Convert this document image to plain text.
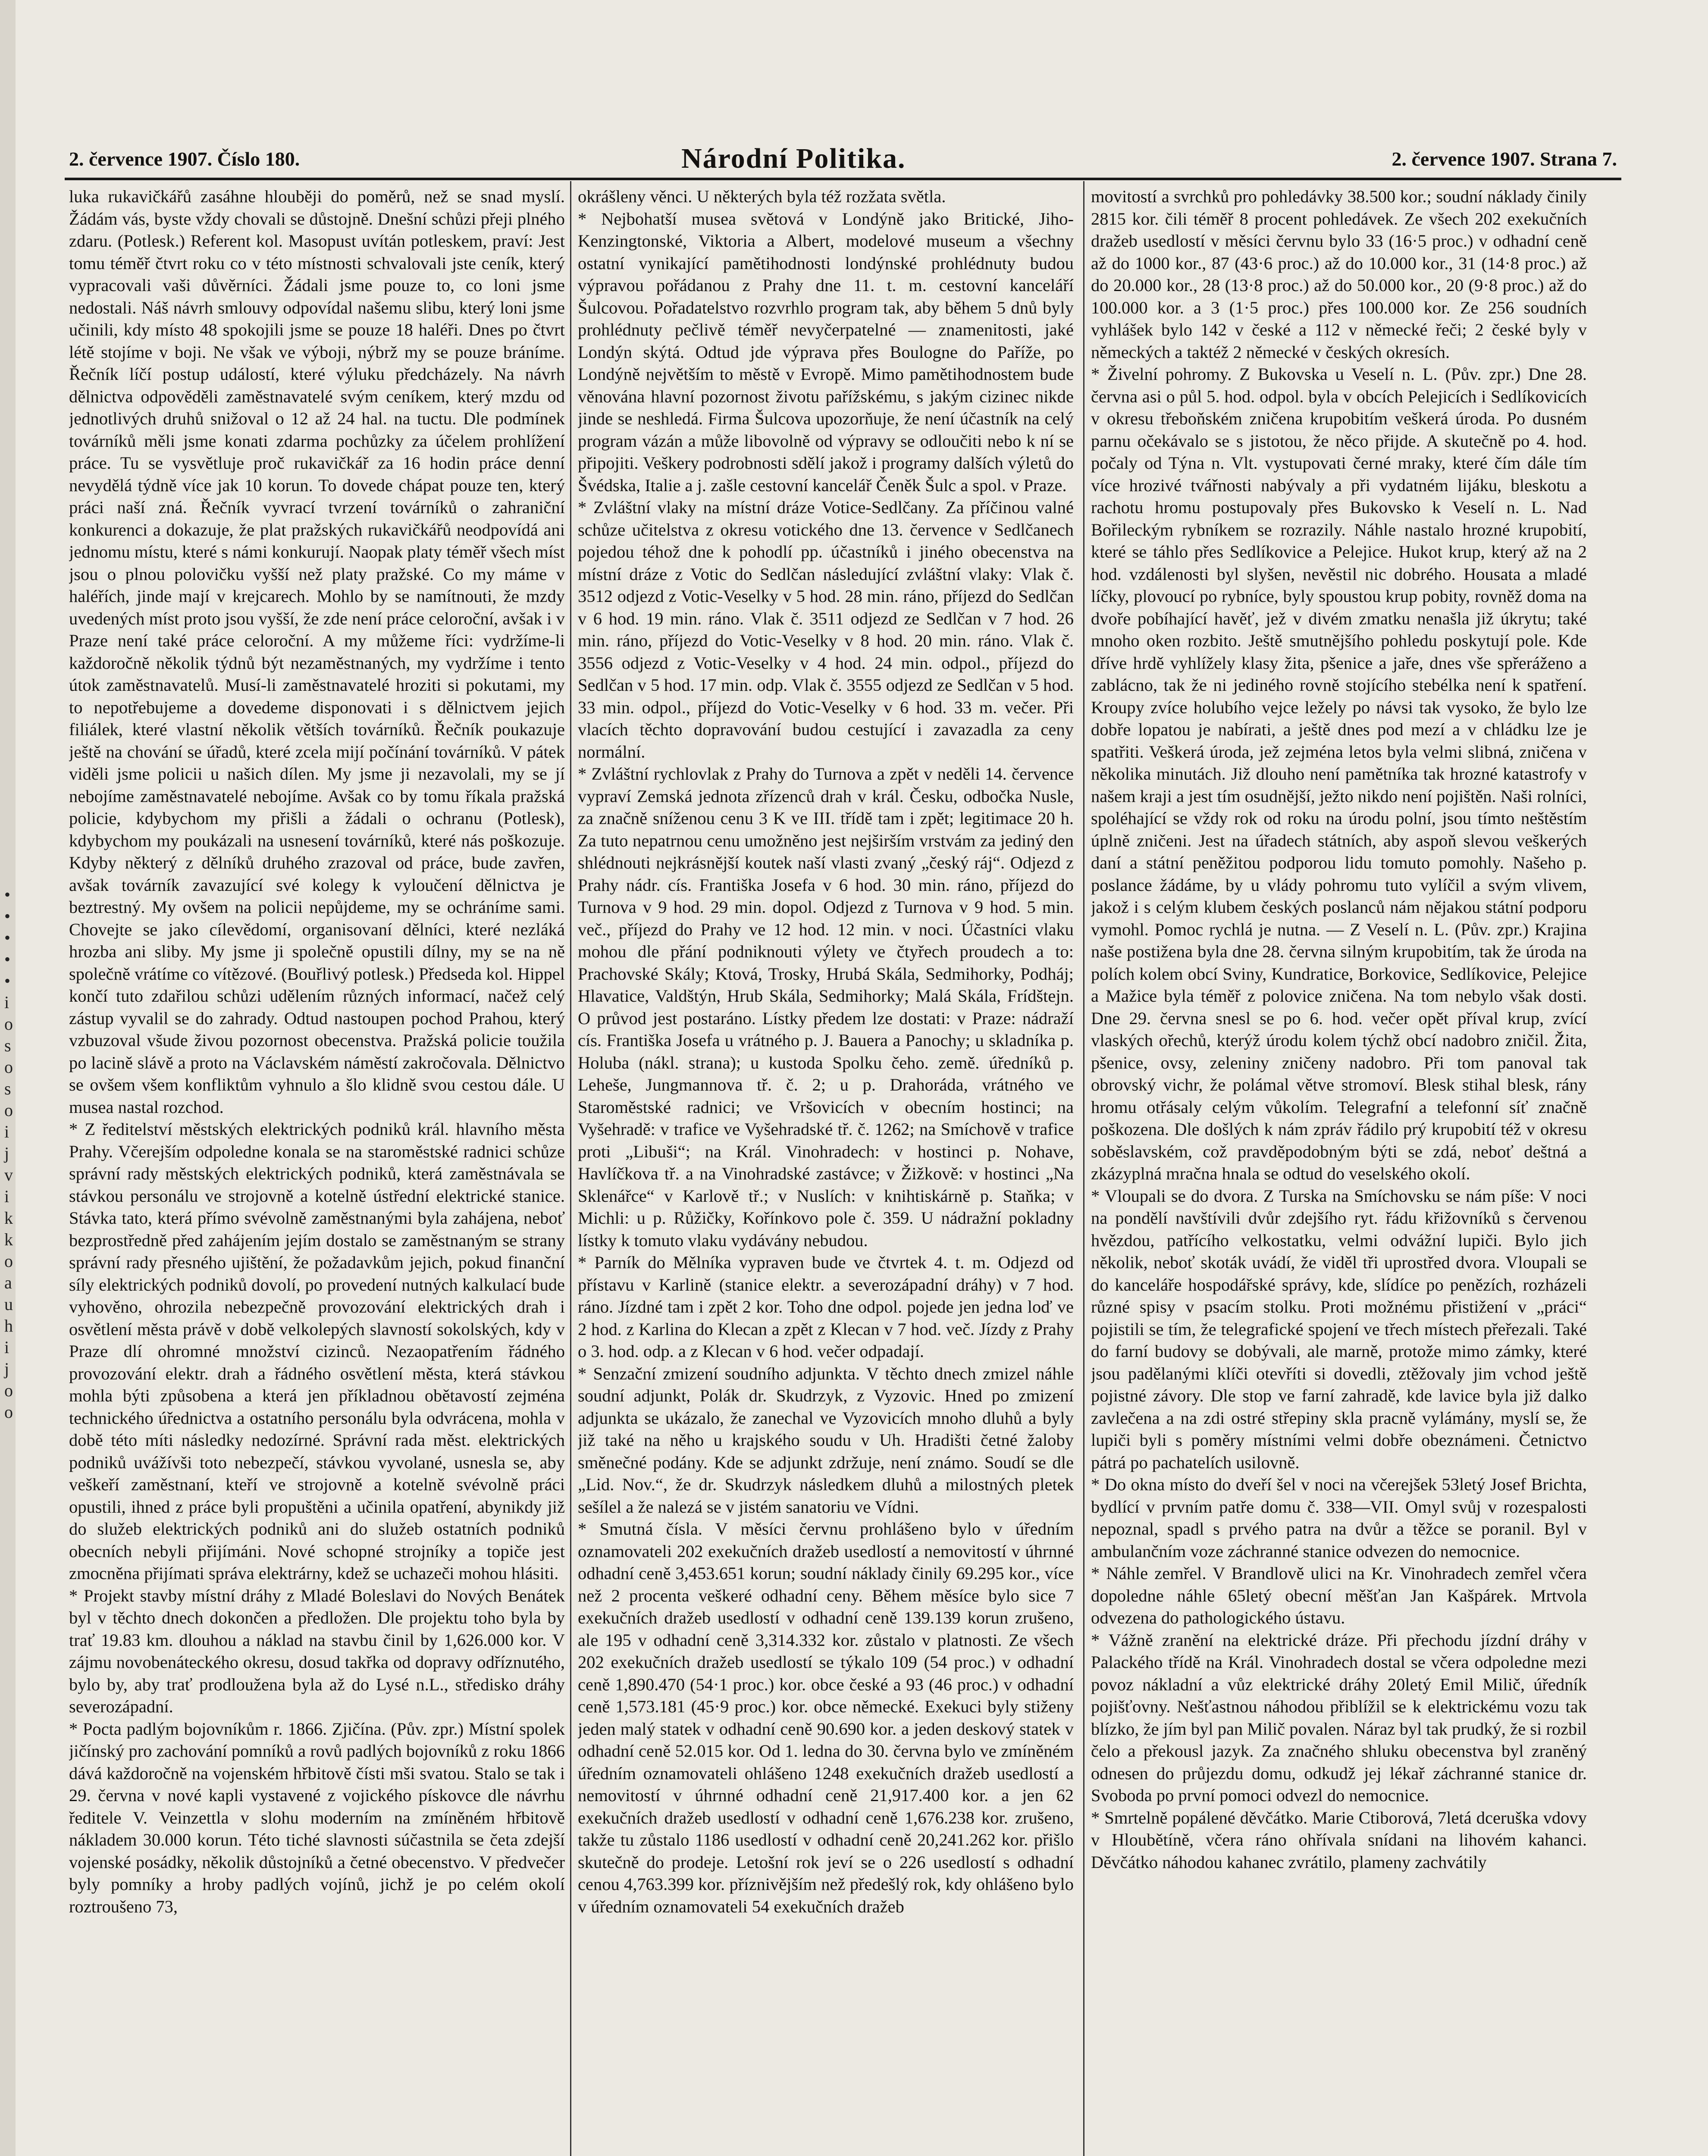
• • • • • i o s o s o i j v i k k o a u h i j o o
2. července 1907. Číslo 180.	Národní Politika.	2. července 1907. Strana 7.

luka rukavičkářů zasáhne hlouběji do poměrů, než se snad myslí. Žádám vás, byste vždy chovali se důstojně. Dnešní schůzi přeji plného zdaru. (Potlesk.) Referent kol. Masopust uvítán potleskem, praví: Jest tomu téměř čtvrt roku co v této místnosti schvalovali jste ceník, který vypracovali vaši důvěrníci. Žádali jsme pouze to, co loni jsme nedostali. Náš návrh smlouvy odpovídal našemu slibu, který loni jsme učinili, kdy místo 48 spokojili jsme se pouze 18 haléři. Dnes po čtvrt létě stojíme v boji. Ne však ve výboji, nýbrž my se pouze bráníme. Řečník líčí postup událostí, které výluku předcházely. Na návrh dělnictva odpověděli zaměstnavatelé svým ceníkem, který mzdu od jednotlivých druhů snižoval o 12 až 24 hal. na tuctu. Dle podmínek továrníků měli jsme konati zdarma pochůzky za účelem prohlížení práce. Tu se vysvětluje proč rukavičkář za 16 hodin práce denní nevydělá týdně více jak 10 korun. To dovede chápat pouze ten, který práci naší zná. Řečník vyvrací tvrzení továrníků o zahraniční konkurenci a dokazuje, že plat pražských rukavičkářů neodpovídá ani jednomu místu, které s námi konkurují. Naopak platy téměř všech míst jsou o plnou polovičku vyšší než platy pražské. Co my máme v haléřích, jinde mají v krejcarech. Mohlo by se namítnouti, že mzdy uvedených míst proto jsou vyšší, že zde není práce celoroční, avšak i v Praze není také práce celoroční. A my můžeme říci: vydržíme-li každoročně několik týdnů být nezaměstnaných, my vydržíme i tento útok zaměstnavatelů. Musí-li zaměstnavatelé hroziti si pokutami, my to nepotřebujeme a dovedeme disponovati i s dělnictvem jejich filiálek, které vlastní několik větších továrníků. Řečník poukazuje ještě na chování se úřadů, které zcela mijí počínání továrníků. V pátek viděli jsme policii u našich dílen. My jsme ji nezavolali, my se jí nebojíme zaměstnavatelé nebojíme. Avšak co by tomu říkala pražská policie, kdybychom my přišli a žádali o ochranu (Potlesk), kdybychom my poukázali na usnesení továrníků, které nás poškozuje. Kdyby některý z dělníků druhého zrazoval od práce, bude zavřen, avšak továrník zavazující své kolegy k vyloučení dělnictva je beztrestný. My ovšem na policii nepůjdeme, my se ochráníme sami. Chovejte se jako cílevědomí, organisovaní dělníci, které nezláká hrozba ani sliby. My jsme ji společně opustili dílny, my se na ně společně vrátíme co vítězové. (Bouřlivý potlesk.) Předseda kol. Hippel končí tuto zdařilou schůzi udělením různých informací, načež celý zástup vyvalil se do zahrady. Odtud nastoupen pochod Prahou, který vzbuzoval všude živou pozornost obecenstva. Pražská policie toužila po lacině slávě a proto na Václavském náměstí zakročovala. Dělnictvo se ovšem všem konfliktům vyhnulo a šlo klidně svou cestou dále. U musea nastal rozchod.

* Z ředitelství městských elektrických podniků král. hlavního města Prahy. Včerejším odpoledne konala se na staroměstské radnici schůze správní rady městských elektrických podniků, která zaměstnávala se stávkou personálu ve strojovně a kotelně ústřední elektrické stanice. Stávka tato, která přímo svévolně zaměstnanými byla zahájena, neboť bezprostředně před zahájením jejím dostalo se zaměstnaným se strany správní rady přesného ujištění, že požadavkům jejich, pokud finanční síly elektrických podniků dovolí, po provedení nutných kalkulací bude vyhověno, ohrozila nebezpečně provozování elektrických drah i osvětlení města právě v době velkolepých slavností sokolských, kdy v Praze dlí ohromné množství cizinců. Nezaopatřením řádného provozování elektr. drah a řádného osvětlení města, která stávkou mohla býti způsobena a která jen příkladnou obětavostí zejména technického úřednictva a ostatního personálu byla odvrácena, mohla v době této míti následky nedozírné. Správní rada měst. elektrických podniků uvážívši toto nebezpečí, stávkou vyvolané, usnesla se, aby veškeří zaměstnaní, kteří ve strojovně a kotelně svévolně práci opustili, ihned z práce byli propuštěni a učinila opatření, abynikdy již do služeb elektrických podniků ani do služeb ostatních podniků obecních nebyli přijímáni. Nové schopné strojníky a topiče jest zmocněna přijímati správa elektrárny, kdež se uchazeči mohou hlásiti.

* Projekt stavby místní dráhy z Mladé Boleslavi do Nových Benátek byl v těchto dnech dokončen a předložen. Dle projektu toho byla by trať 19.83 km. dlouhou a náklad na stavbu činil by 1,626.000 kor. V zájmu novobenáteckého okresu, dosud takřka od dopravy odříznutého, bylo by, aby trať prodloužena byla až do Lysé n.L., středisko dráhy severozápadní.

* Pocta padlým bojovníkům r. 1866. Zjičína. (Pův. zpr.) Místní spolek jičínský pro zachování pomníků a rovů padlých bojovníků z roku 1866 dává každoročně na vojenském hřbitově čísti mši svatou. Stalo se tak i 29. června v nové kapli vystavené z vojického pískovce dle návrhu ředitele V. Veinzettla v slohu moderním na zmíněném hřbitově nákladem 30.000 korun. Této tiché slavnosti súčastnila se četa zdejší vojenské posádky, několik důstojníků a četné obecenstvo. V předvečer byly pomníky a hroby padlých vojínů, jichž je po celém okolí roztroušeno 73,

okrášleny věnci. U některých byla též rozžata světla.

* Nejbohatší musea světová v Londýně jako Britické, Jiho-Kenzingtonské, Viktoria a Albert, modelové museum a všechny ostatní vynikající pamětihodnosti londýnské prohlédnuty budou výpravou pořádanou z Prahy dne 11. t. m. cestovní kanceláří Šulcovou. Pořadatelstvo rozvrhlo program tak, aby během 5 dnů byly prohlédnuty pečlivě téměř nevyčerpatelné — znamenitosti, jaké Londýn skýtá. Odtud jde výprava přes Boulogne do Paříže, po Londýně největším to městě v Evropě. Mimo pamětihodnostem bude věnována hlavní pozornost životu pařížskému, s jakým cizinec nikde jinde se neshledá. Firma Šulcova upozorňuje, že není účastník na celý program vázán a může libovolně od výpravy se odloučiti nebo k ní se připojiti. Veškery podrobnosti sdělí jakož i programy dalších výletů do Švédska, Italie a j. zašle cestovní kancelář Čeněk Šulc a spol. v Praze.

* Zvláštní vlaky na místní dráze Votice-Sedlčany. Za příčinou valné schůze učitelstva z okresu votického dne 13. července v Sedlčanech pojedou téhož dne k pohodlí pp. účastníků i jiného obecenstva na místní dráze z Votic do Sedlčan následující zvláštní vlaky: Vlak č. 3512 odjezd z Votic-Veselky v 5 hod. 28 min. ráno, příjezd do Sedlčan v 6 hod. 19 min. ráno. Vlak č. 3511 odjezd ze Sedlčan v 7 hod. 26 min. ráno, příjezd do Votic-Veselky v 8 hod. 20 min. ráno. Vlak č. 3556 odjezd z Votic-Veselky v 4 hod. 24 min. odpol., příjezd do Sedlčan v 5 hod. 17 min. odp. Vlak č. 3555 odjezd ze Sedlčan v 5 hod. 33 min. odpol., příjezd do Votic-Veselky v 6 hod. 33 m. večer. Při vlacích těchto dopravování budou cestující i zavazadla za ceny normální.

* Zvláštní rychlovlak z Prahy do Turnova a zpět v neděli 14. července vypraví Zemská jednota zřízenců drah v král. Česku, odbočka Nusle, za značně sníženou cenu 3 K ve III. třídě tam i zpět; legitimace 20 h. Za tuto nepatrnou cenu umožněno jest nejširším vrstvám za jediný den shlédnouti nejkrásnější koutek naší vlasti zvaný „český ráj“. Odjezd z Prahy nádr. cís. Františka Josefa v 6 hod. 30 min. ráno, příjezd do Turnova v 9 hod. 29 min. dopol. Odjezd z Turnova v 9 hod. 5 min. več., příjezd do Prahy ve 12 hod. 12 min. v noci. Účastníci vlaku mohou dle přání podniknouti výlety ve čtyřech proudech a to: Prachovské Skály; Ktová, Trosky, Hrubá Skála, Sedmihorky, Podháj; Hlavatice, Valdštýn, Hrub Skála, Sedmihorky; Malá Skála, Frídštejn. O průvod jest postaráno. Lístky předem lze dostati: v Praze: nádraží cís. Františka Josefa u vrátného p. J. Bauera a Panochy; u skladníka p. Holuba (nákl. strana); u kustoda Spolku čeho. země. úředníků p. Leheše, Jungmannova tř. č. 2; u p. Drahoráda, vrátného ve Staroměstské radnici; ve Vršovicích v obecním hostinci; na Vyšehradě: v trafice ve Vyšehradské tř. č. 1262; na Smíchově v trafice proti „Libuši“; na Král. Vinohradech: v hostinci p. Nohave, Havlíčkova tř. a na Vinohradské zastávce; v Žižkově: v hostinci „Na Sklenářce“ v Karlově tř.; v Nuslích: v knihtiskárně p. Staňka; v Michli: u p. Růžičky, Kořínkovo pole č. 359. U nádražní pokladny lístky k tomuto vlaku vydávány nebudou.

* Parník do Mělníka vypraven bude ve čtvrtek 4. t. m. Odjezd od přístavu v Karlině (stanice elektr. a severozápadní dráhy) v 7 hod. ráno. Jízdné tam i zpět 2 kor. Toho dne odpol. pojede jen jedna loď ve 2 hod. z Karlina do Klecan a zpět z Klecan v 7 hod. več. Jízdy z Prahy o 3. hod. odp. a z Klecan v 6 hod. večer odpadají.

* Senzační zmizení soudního adjunkta. V těchto dnech zmizel náhle soudní adjunkt, Polák dr. Skudrzyk, z Vyzovic. Hned po zmizení adjunkta se ukázalo, že zanechal ve Vyzovicích mnoho dluhů a byly již také na něho u krajského soudu v Uh. Hradišti četné žaloby směnečné podány. Kde se adjunkt zdržuje, není známo. Soudí se dle „Lid. Nov.“, že dr. Skudrzyk následkem dluhů a milostných pletek sešílel a že nalezá se v jistém sanatoriu ve Vídni.

* Smutná čísla. V měsíci červnu prohlášeno bylo v úředním oznamovateli 202 exekučních dražeb usedlostí a nemovitostí v úhrnné odhadní ceně 3,453.651 korun; soudní náklady činily 69.295 kor., více než 2 procenta veškeré odhadní ceny. Během měsíce bylo sice 7 exekučních dražeb usedlostí v odhadní ceně 139.139 korun zrušeno, ale 195 v odhadní ceně 3,314.332 kor. zůstalo v platnosti. Ze všech 202 exekučních dražeb usedlostí se týkalo 109 (54 proc.) v odhadní ceně 1,890.470 (54·1 proc.) kor. obce české a 93 (46 proc.) v odhadní ceně 1,573.181 (45·9 proc.) kor. obce německé. Exekuci byly stiženy jeden malý statek v odhadní ceně 90.690 kor. a jeden deskový statek v odhadní ceně 52.015 kor. Od 1. ledna do 30. června bylo ve zmíněném úředním oznamovateli ohlášeno 1248 exekučních dražeb usedlostí a nemovitostí v úhrnné odhadní ceně 21,917.400 kor. a jen 62 exekučních dražeb usedlostí v odhadní ceně 1,676.238 kor. zrušeno, takže tu zůstalo 1186 usedlostí v odhadní ceně 20,241.262 kor. přišlo skutečně do prodeje. Letošní rok jeví se o 226 usedlostí s odhadní cenou 4,763.399 kor. příznivějším než předešlý rok, kdy ohlášeno bylo v úředním oznamovateli 54 exekučních dražeb

movitostí a svrchků pro pohledávky 38.500 kor.; soudní náklady činily 2815 kor. čili téměř 8 procent pohledávek. Ze všech 202 exekučních dražeb usedlostí v měsíci červnu bylo 33 (16·5 proc.) v odhadní ceně až do 1000 kor., 87 (43·6 proc.) až do 10.000 kor., 31 (14·8 proc.) až do 20.000 kor., 28 (13·8 proc.) až do 50.000 kor., 20 (9·8 proc.) až do 100.000 kor. a 3 (1·5 proc.) přes 100.000 kor. Ze 256 soudních vyhlášek bylo 142 v české a 112 v německé řeči; 2 české byly v německých a taktéž 2 německé v českých okresích.

* Živelní pohromy. Z Bukovska u Veselí n. L. (Pův. zpr.) Dne 28. června asi o půl 5. hod. odpol. byla v obcích Pelejicích i Sedlíkovicích v okresu třeboňském zničena krupobitím veškerá úroda. Po dusném parnu očekávalo se s jistotou, že něco přijde. A skutečně po 4. hod. počaly od Týna n. Vlt. vystupovati černé mraky, které čím dále tím více hrozivé tvářnosti nabývaly a při vydatném lijáku, bleskotu a rachotu hromu postupovaly přes Bukovsko k Veselí n. L. Nad Bořileckým rybníkem se rozrazily. Náhle nastalo hrozné krupobití, které se táhlo přes Sedlíkovice a Pelejice. Hukot krup, který až na 2 hod. vzdálenosti byl slyšen, nevěstil nic dobrého. Housata a mladé líčky, plovoucí po rybníce, byly spoustou krup pobity, rovněž doma na dvoře pobíhající havěť, jež v divém zmatku nenašla již úkrytu; také mnoho oken rozbito. Ještě smutnějšího pohledu poskytují pole. Kde dříve hrdě vyhlížely klasy žita, pšenice a jaře, dnes vše spřeráženo a zablácno, tak že ni jediného rovně stojícího stebélka není k spatření. Kroupy zvíce holubího vejce ležely po návsi tak vysoko, že bylo lze dobře lopatou je nabírati, a ještě dnes pod mezí a v chládku lze je spatřiti. Veškerá úroda, jež zejména letos byla velmi slibná, zničena v několika minutách. Již dlouho není pamětníka tak hrozné katastrofy v našem kraji a jest tím osudnější, ježto nikdo není pojištěn. Naši rolníci, spoléhající se vždy rok od roku na úrodu polní, jsou tímto neštěstím úplně zničeni. Jest na úřadech státních, aby aspoň slevou veškerých daní a státní peněžitou podporou lidu tomuto pomohly. Našeho p. poslance žádáme, by u vlády pohromu tuto vylíčil a svým vlivem, jakož i s celým klubem českých poslanců nám nějakou státní podporu vymohl. Pomoc rychlá je nutna. — Z Veselí n. L. (Pův. zpr.) Krajina naše postižena byla dne 28. června silným krupobitím, tak že úroda na polích kolem obcí Sviny, Kundratice, Borkovice, Sedlíkovice, Pelejice a Mažice byla téměř z polovice zničena. Na tom nebylo však dosti. Dne 29. června snesl se po 6. hod. večer opět příval krup, zvící vlaských ořechů, kterýž úrodu kolem týchž obcí nadobro zničil. Žita, pšenice, ovsy, zeleniny zničeny nadobro. Při tom panoval tak obrovský vichr, že polámal větve stromoví. Blesk stihal blesk, rány hromu otřásaly celým vůkolím. Telegrafní a telefonní síť značně poškozena. Dle došlých k nám zpráv řádilo prý krupobití též v okresu soběslavském, což pravděpodobným býti se zdá, neboť deštná a zkázyplná mračna hnala se odtud do veselského okolí.

* Vloupali se do dvora. Z Turska na Smíchovsku se nám píše: V noci na pondělí navštívili dvůr zdejšího ryt. řádu křižovníků s červenou hvězdou, patřícího velkostatku, velmi odvážní lupiči. Bylo jich několik, neboť skoták uvádí, že viděl tři uprostřed dvora. Vloupali se do kanceláře hospodářské správy, kde, slídíce po penězích, rozházeli různé spisy v psacím stolku. Proti možnému přistižení v „práci“ pojistili se tím, že telegrafické spojení ve třech místech přeřezali. Také do farní budovy se dobývali, ale marně, protože mimo zámky, které jsou padělanými klíči otevříti si dovedli, ztěžovaly jim vchod ještě pojistné závory. Dle stop ve farní zahradě, kde lavice byla již dalko zavlečena a na zdi ostré střepiny skla pracně vylámány, myslí se, že lupiči byli s poměry místními velmi dobře obeznámeni. Četnictvo pátrá po pachatelích usilovně.

* Do okna místo do dveří šel v noci na včerejšek 53letý Josef Brichta, bydlící v prvním patře domu č. 338—VII. Omyl svůj v rozespalosti nepoznal, spadl s prvého patra na dvůr a těžce se poranil. Byl v ambulančním voze záchranné stanice odvezen do nemocnice.

* Náhle zemřel. V Brandlově ulici na Kr. Vinohradech zemřel včera dopoledne náhle 65letý obecní měšťan Jan Kašpárek. Mrtvola odvezena do pathologického ústavu.

* Vážně zranění na elektrické dráze. Při přechodu jízdní dráhy v Palackého třídě na Král. Vinohradech dostal se včera odpoledne mezi povoz nákladní a vůz elektrické dráhy 20letý Emil Milič, úředník pojišťovny. Nešťastnou náhodou přiblížil se k elektrickému vozu tak blízko, že jím byl pan Milič povalen. Náraz byl tak prudký, že si rozbil čelo a překousl jazyk. Za značného shluku obecenstva byl zraněný odnesen do průjezdu domu, odkudž jej lékař záchranné stanice dr. Svoboda po první pomoci odvezl do nemocnice.

* Smrtelně popálené děvčátko. Marie Ctiborová, 7letá dceruška vdovy v Hloubětíně, včera ráno ohřívala snídani na lihovém kahanci. Děvčátko náhodou kahanec zvrátilo, plameny zachvátily
